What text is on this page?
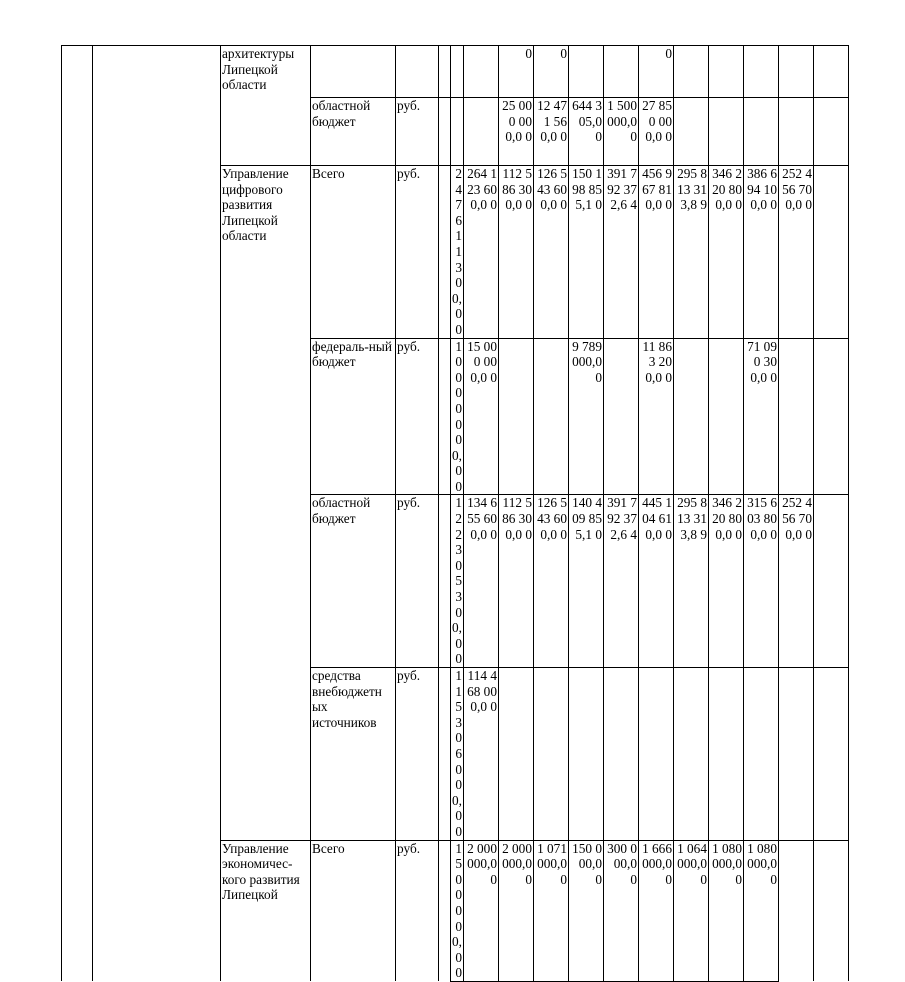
		архитектуры Липецкой области						0	0			0					
			областной бюджет	руб.				25 000 000,0 0	12 471 560,0 0	644 305,0 0	1 500 000,0 0	27 850 000,0 0					
		Управление цифрового развития Липецкой области	Всего	руб.		247 611 300,0 0	264 123 600,0 0	112 586 300,0 0	126 543 600,0 0	150 198 855,1 0	391 792 372,6 4	456 967 810,0 0	295 813 313,8 9	346 220 800,0 0	386 694 100,0 0	252 456 700,0 0	
			федераль-ный бюджет	руб.		10 000 000,0 0	15 000 000,0 0			9 789 000,0 0		11 863 200,0 0			71 090 300,0 0		
			областной бюджет	руб.		122 305 300,0 0	134 655 600,0 0	112 586 300,0 0	126 543 600,0 0	140 409 855,1 0	391 792 372,6 4	445 104 610,0 0	295 813 313,8 9	346 220 800,0 0	315 603 800,0 0	252 456 700,0 0	
			средства внебюджетн ых источников	руб.		115 306 000,0 0	114 468 000,0 0										
		Управление экономичес-кого развития Липецкой	Всего	руб.		1 500 000,0 0	2 000 000,0 0	2 000 000,0 0	1 071 000,0 0	150 000,0 0	300 000,0 0	1 666 000,0 0	1 064 000,0 0	1 080 000,0 0	1 080 000,0 0		
